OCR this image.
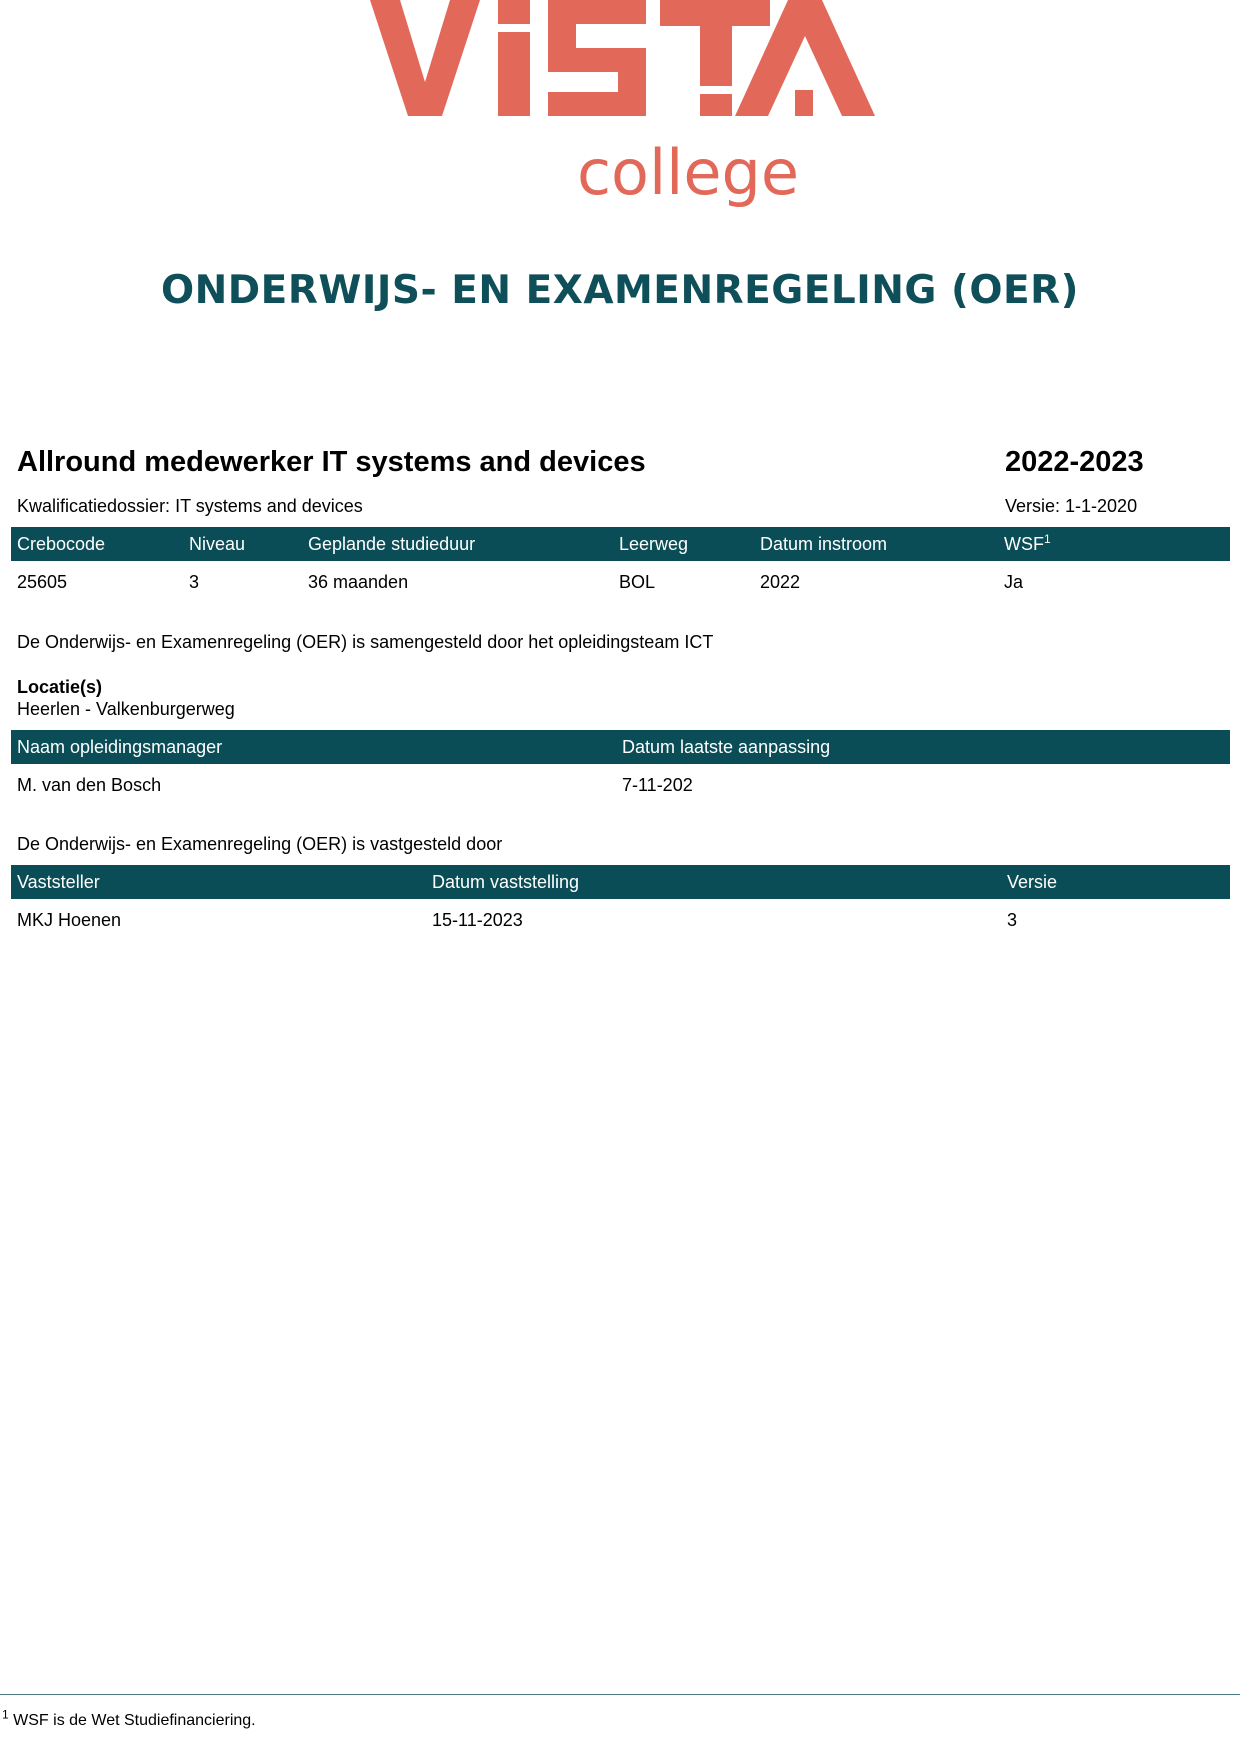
college
ONDERWIJS- EN EXAMENREGELING (OER)
Allround medewerker IT systems and devices	2022-2023
Kwalificatiedossier: IT systems and devices	Versie: 1-1-2020
Crebocode	Niveau	Geplande studieduur	Leerweg	Datum instroom	WSF$^1$
25605	3	36 maanden	BOL	2022	Ja
De Onderwijs- en Examenregeling (OER) is samengesteld door het opleidingsteam ICT
Locatie(s)
Heerlen - Valkenburgerweg
Naam opleidingsmanager	Datum laatste aanpassing
M. van den Bosch	7-11-202
De Onderwijs- en Examenregeling (OER) is vastgesteld door
Vaststeller	Datum vaststelling	Versie
MKJ Hoenen	15-11-2023	3
$^1$ WSF is de Wet Studiefinanciering.
